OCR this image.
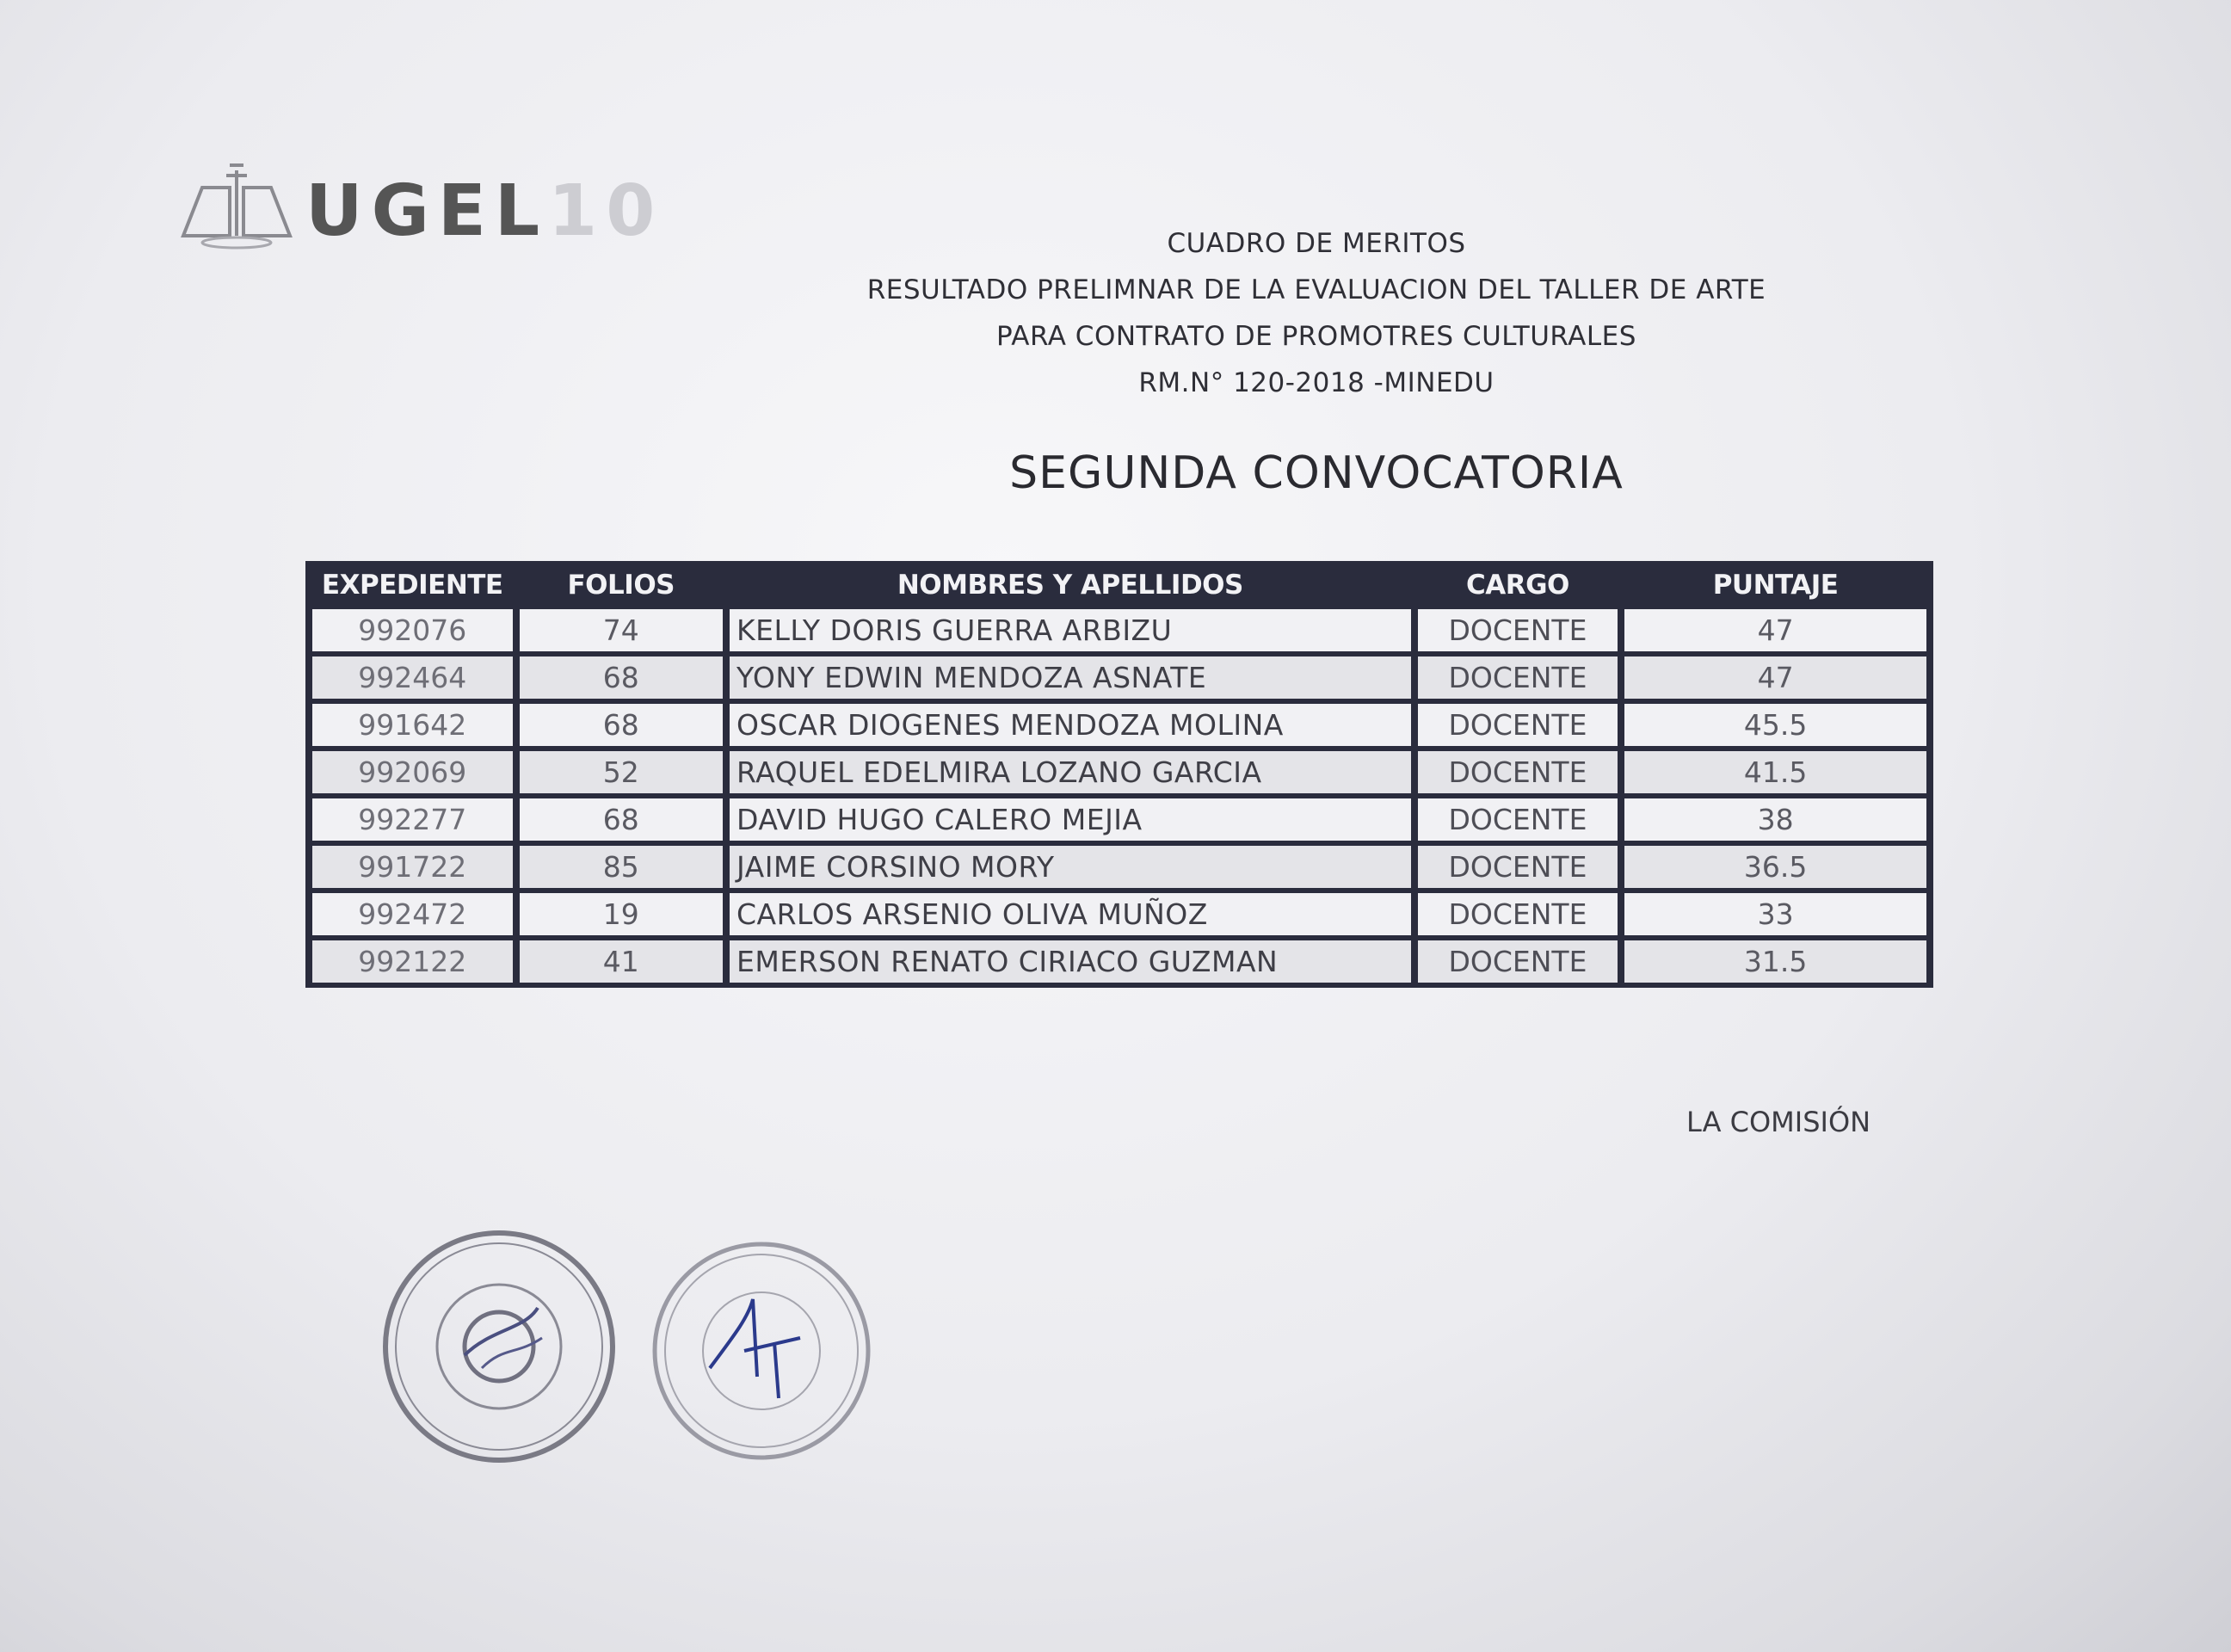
UGEL10	CUADRO DE MERITOS
RESULTADO PRELIMNAR DE LA EVALUACION DEL TALLER DE ARTE
PARA CONTRATO DE PROMOTRES CULTURALES
RM.N° 120-2018 -MINEDU
SEGUNDA CONVOCATORIA
EXPEDIENTE	FOLIOS	NOMBRES Y APELLIDOS	CARGO	PUNTAJE
992076	74	KELLY DORIS GUERRA ARBIZU	DOCENTE	47
992464	68	YONY EDWIN MENDOZA ASNATE	DOCENTE	47
991642	68	OSCAR DIOGENES MENDOZA MOLINA	DOCENTE	45.5
992069	52	RAQUEL EDELMIRA LOZANO GARCIA	DOCENTE	41.5
992277	68	DAVID HUGO CALERO MEJIA	DOCENTE	38
991722	85	JAIME CORSINO MORY	DOCENTE	36.5
992472	19	CARLOS ARSENIO OLIVA MUÑOZ	DOCENTE	33
992122	41	EMERSON RENATO CIRIACO GUZMAN	DOCENTE	31.5
LA COMISIÓN
